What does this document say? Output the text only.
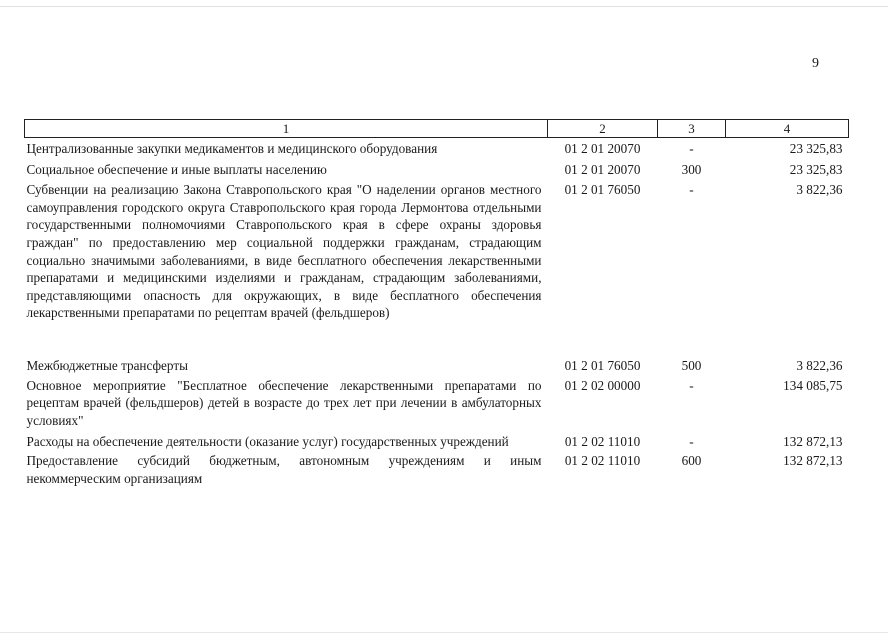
9
1	2	3	4
Централизованные закупки медикаментов и медицинского оборудования	01 2 01 20070	-	23 325,83
Социальное обеспечение и иные выплаты населению	01 2 01 20070	300	23 325,83
Субвенции на реализацию Закона Ставропольского края "О наделении органов местного самоуправления городского округа Ставропольского края города Лермонтова отдельными государственными полномочиями Ставропольского края в сфере охраны здоровья граждан" по предоставлению мер социальной поддержки гражданам, страдающим социально значимыми заболеваниями, в виде бесплатного обеспечения лекарственными препаратами и медицинскими изделиями и гражданам, страдающим заболеваниями, представляющими опасность для окружающих, в виде бесплатного обеспечения лекарственными препаратами по рецептам врачей (фельдшеров)	01 2 01 76050	-	3 822,36
Межбюджетные трансферты	01 2 01 76050	500	3 822,36
Основное мероприятие "Бесплатное обеспечение лекарственными препаратами по рецептам врачей (фельдшеров) детей в возрасте до трех лет при лечении в амбулаторных условиях"	01 2 02 00000	-	134 085,75
Расходы на обеспечение деятельности (оказание услуг) государственных учреждений	01 2 02 11010	-	132 872,13
Предоставление субсидий бюджетным, автономным учреждениям и иным некоммерческим организациям	01 2 02 11010	600	132 872,13
